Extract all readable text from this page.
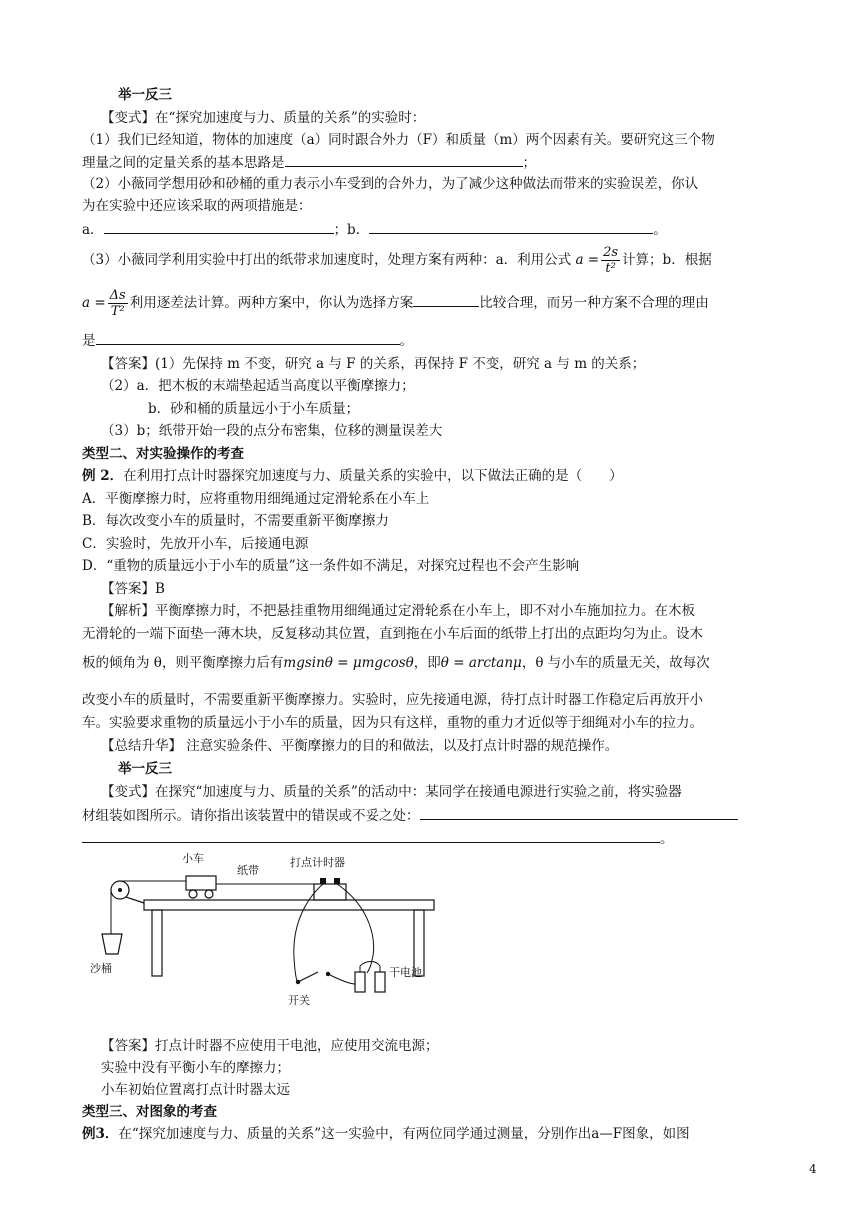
举一反三
【变式】在“探究加速度与力、质量的关系”的实验时：
（1）我们已经知道，物体的加速度（a）同时跟合外力（F）和质量（m）两个因素有关。要研究这三个物
理量之间的定量关系的基本思路是	；
（2）小薇同学想用砂和砂桶的重力表示小车受到的合外力，为了减少这种做法而带来的实验误差，你认
为在实验中还应该采取的两项措施是：
a．	；b．	。
（3）小薇同学利用实验中打出的纸带求加速度时，处理方案有两种：a．利用公式 $a = \frac{2s}{\text{t²}}$ 计算；b．根据
$a = \frac{\Delta s}{\text{T²}}$ 利用逐差法计算。两种方案中，你认为选择方案	比较合理，而另一种方案不合理的理由
是	。
【答案】(1）先保持 m 不变，研究 a 与 F 的关系，再保持 F 不变，研究 a 与 m 的关系；
（2）a．把木板的末端垫起适当高度以平衡摩擦力；
b．砂和桶的质量远小于小车质量；
（3）b；纸带开始一段的点分布密集，位移的测量误差大
类型二、对实验操作的考查
例 2．在利用打点计时器探究加速度与力、质量关系的实验中，以下做法正确的是（　　）
A．平衡摩擦力时，应将重物用细绳通过定滑轮系在小车上
B．每次改变小车的质量时，不需要重新平衡摩擦力
C．实验时，先放开小车，后接通电源
D．“重物的质量远小于小车的质量”这一条件如不满足，对探究过程也不会产生影响
【答案】B
【解析】平衡摩擦力时，不把悬挂重物用细绳通过定滑轮系在小车上，即不对小车施加拉力。在木板
无滑轮的一端下面垫一薄木块，反复移动其位置，直到拖在小车后面的纸带上打出的点距均匀为止。设木
板的倾角为 θ，则平衡摩擦力后有mgsinθ = μmgcosθ，即θ = arctanμ，θ 与小车的质量无关，故每次
改变小车的质量时，不需要重新平衡摩擦力。实验时，应先接通电源，待打点计时器工作稳定后再放开小
车。实验要求重物的质量远小于小车的质量，因为只有这样，重物的重力才近似等于细绳对小车的拉力。
【总结升华】 注意实验条件、平衡摩擦力的目的和做法，以及打点计时器的规范操作。
举一反三
【变式】在探究“加速度与力、质量的关系”的活动中：某同学在接通电源进行实验之前，将实验器
材组装如图所示。请你指出该装置中的错误或不妥之处：
。
小车
纸带
打点计时器
沙桶	干电池
开关
【答案】打点计时器不应使用干电池，应使用交流电源；
实验中没有平衡小车的摩擦力；
小车初始位置离打点计时器太远
类型三、对图象的考查
例3．在“探究加速度与力、质量的关系”这一实验中，有两位同学通过测量，分别作出a—F图象，如图
4
